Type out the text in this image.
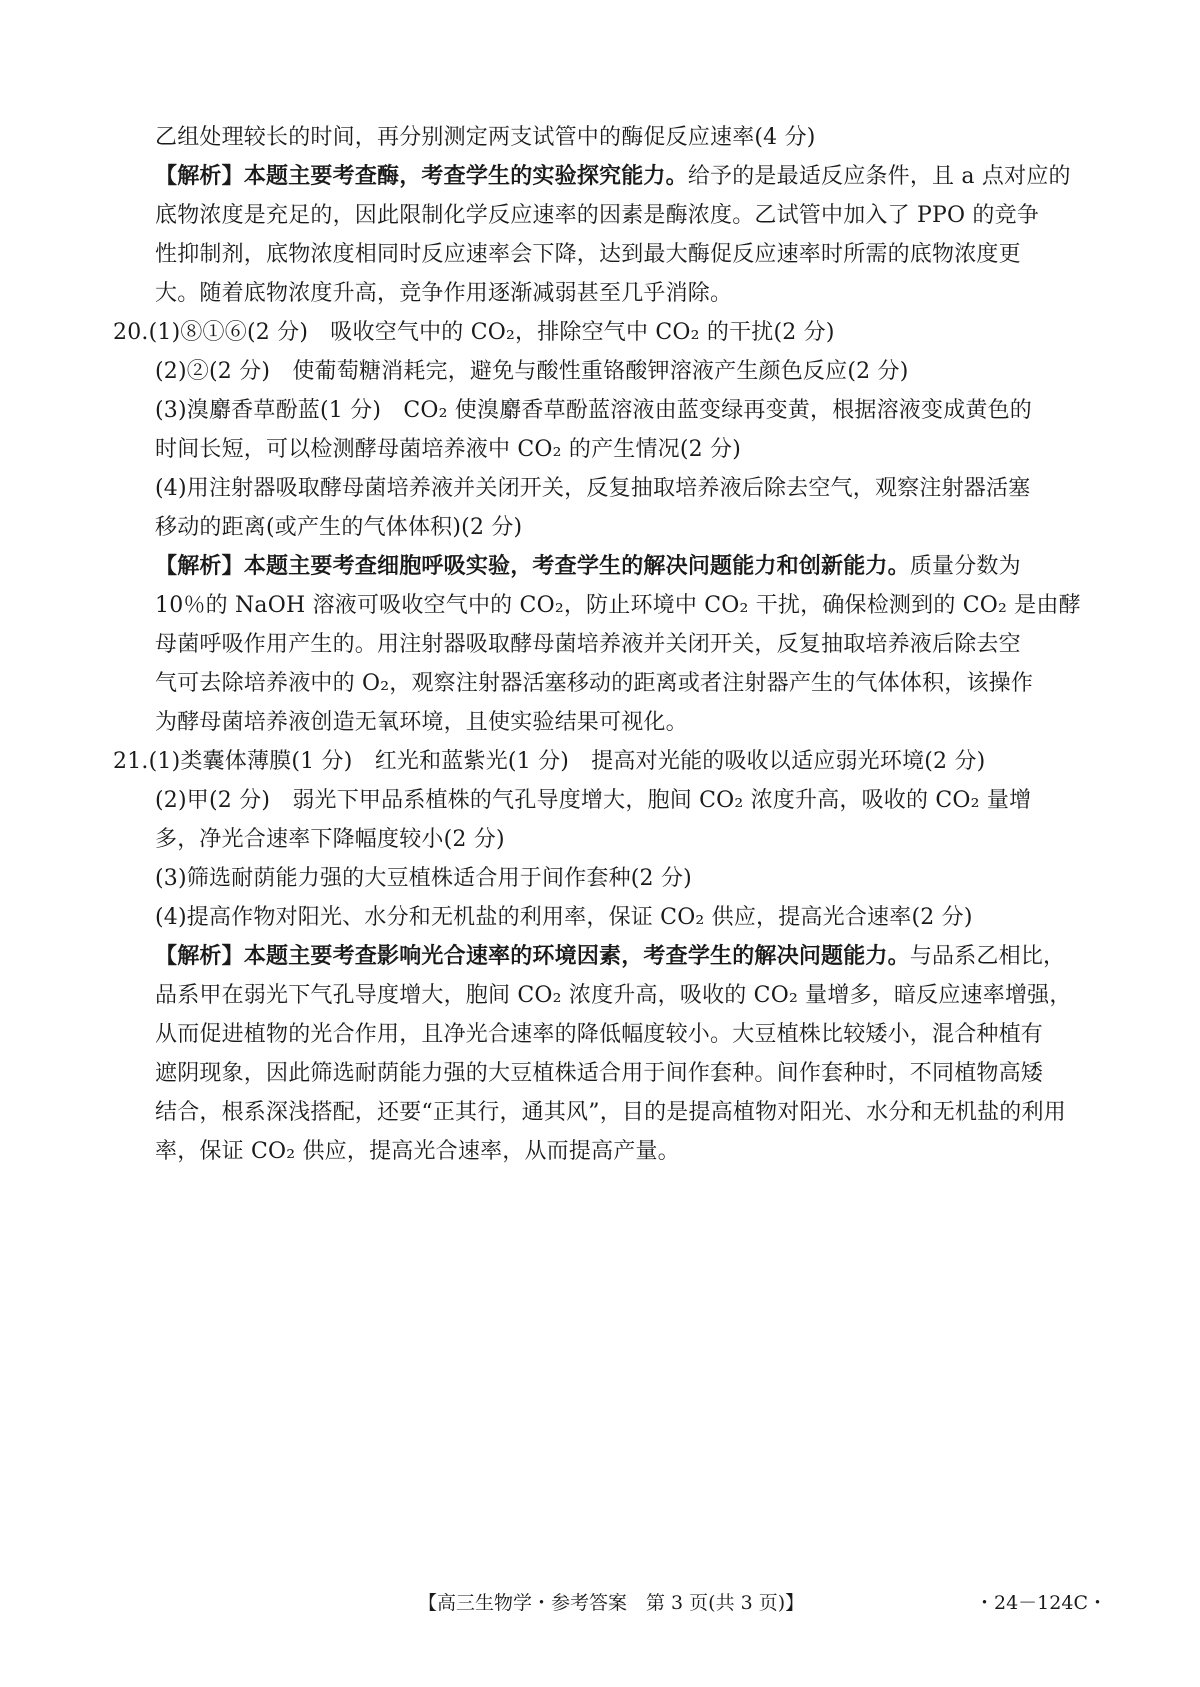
乙组处理较长的时间，再分别测定两支试管中的酶促反应速率(4 分)
【解析】本题主要考查酶，考查学生的实验探究能力。给予的是最适反应条件，且 a 点对应的
底物浓度是充足的，因此限制化学反应速率的因素是酶浓度。乙试管中加入了 PPO 的竞争
性抑制剂，底物浓度相同时反应速率会下降，达到最大酶促反应速率时所需的底物浓度更
大。随着底物浓度升高，竞争作用逐渐减弱甚至几乎消除。
20.(1)⑧①⑥(2 分)　吸收空气中的 CO₂，排除空气中 CO₂ 的干扰(2 分)
(2)②(2 分)　使葡萄糖消耗完，避免与酸性重铬酸钾溶液产生颜色反应(2 分)
(3)溴麝香草酚蓝(1 分)　CO₂ 使溴麝香草酚蓝溶液由蓝变绿再变黄，根据溶液变成黄色的
时间长短，可以检测酵母菌培养液中 CO₂ 的产生情况(2 分)
(4)用注射器吸取酵母菌培养液并关闭开关，反复抽取培养液后除去空气，观察注射器活塞
移动的距离(或产生的气体体积)(2 分)
【解析】本题主要考查细胞呼吸实验，考查学生的解决问题能力和创新能力。质量分数为
10％的 NaOH 溶液可吸收空气中的 CO₂，防止环境中 CO₂ 干扰，确保检测到的 CO₂ 是由酵
母菌呼吸作用产生的。用注射器吸取酵母菌培养液并关闭开关，反复抽取培养液后除去空
气可去除培养液中的 O₂，观察注射器活塞移动的距离或者注射器产生的气体体积，该操作
为酵母菌培养液创造无氧环境，且使实验结果可视化。
21.(1)类囊体薄膜(1 分)　红光和蓝紫光(1 分)　提高对光能的吸收以适应弱光环境(2 分)
(2)甲(2 分)　弱光下甲品系植株的气孔导度增大，胞间 CO₂ 浓度升高，吸收的 CO₂ 量增
多，净光合速率下降幅度较小(2 分)
(3)筛选耐荫能力强的大豆植株适合用于间作套种(2 分)
(4)提高作物对阳光、水分和无机盐的利用率，保证 CO₂ 供应，提高光合速率(2 分)
【解析】本题主要考查影响光合速率的环境因素，考查学生的解决问题能力。与品系乙相比，
品系甲在弱光下气孔导度增大，胞间 CO₂ 浓度升高，吸收的 CO₂ 量增多，暗反应速率增强，
从而促进植物的光合作用，且净光合速率的降低幅度较小。大豆植株比较矮小，混合种植有
遮阴现象，因此筛选耐荫能力强的大豆植株适合用于间作套种。间作套种时，不同植物高矮
结合，根系深浅搭配，还要“正其行，通其风”，目的是提高植物对阳光、水分和无机盐的利用
率，保证 CO₂ 供应，提高光合速率，从而提高产量。
【高三生物学・参考答案　第 3 页(共 3 页)】	・24－124C・
